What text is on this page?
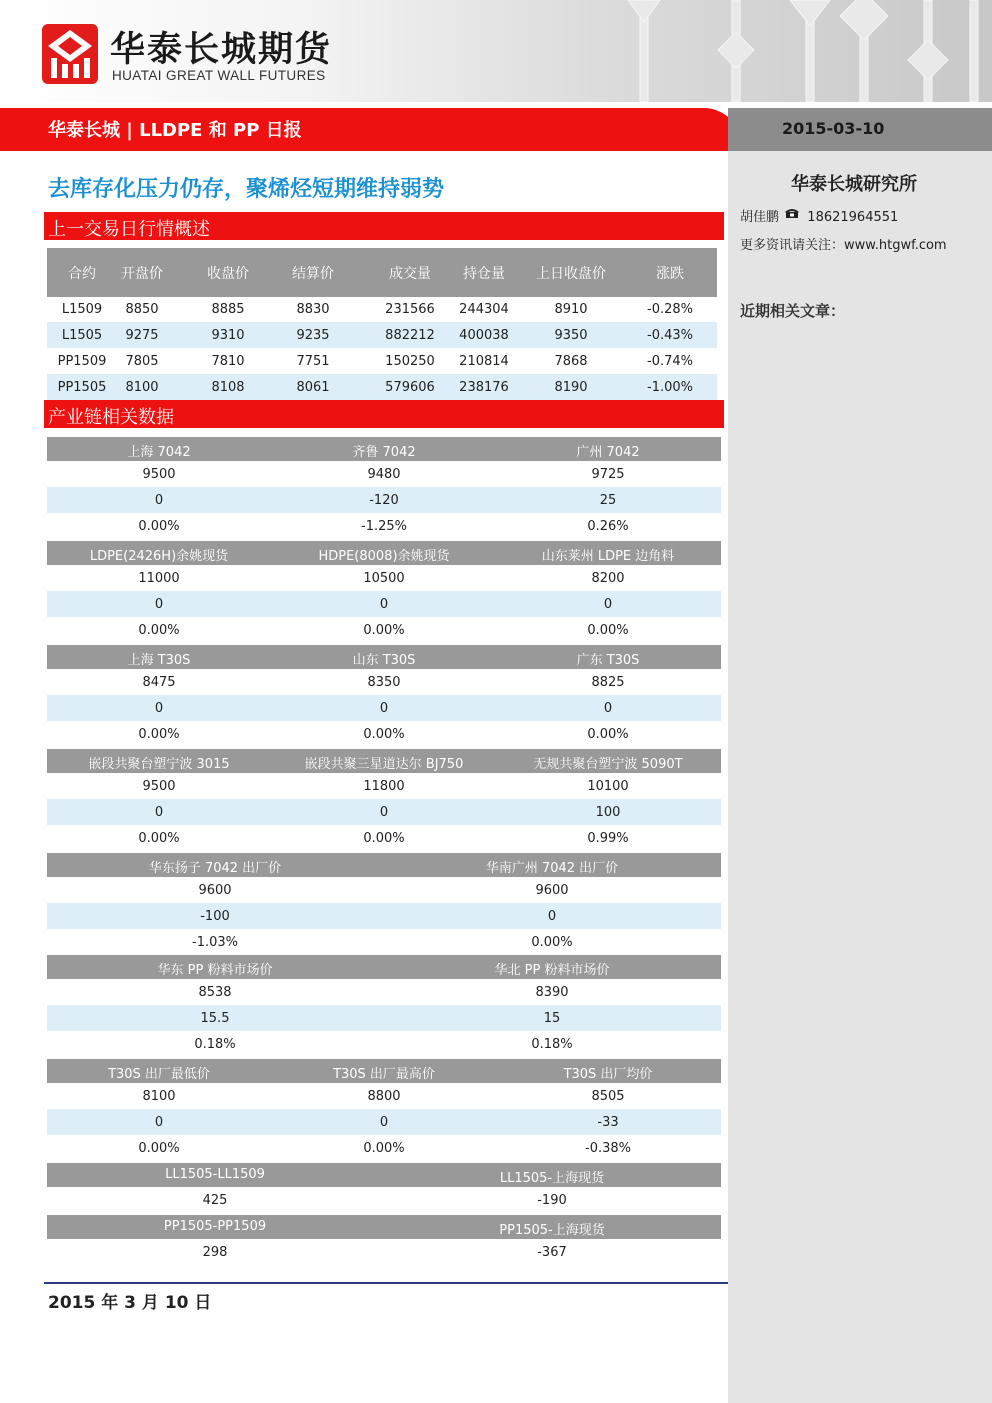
华泰长城期货
HUATAI GREAT WALL FUTURES
华泰长城 | LLDPE 和 PP 日报	2015-03-10
华泰长城研究所
胡佳鹏 18621964551
更多资讯请关注：www.htgwf.com
近期相关文章：
去库存化压力仍存，聚烯烃短期维持弱势
上一交易日行情概述
合约	开盘价	收盘价	结算价	成交量	持仓量	上日收盘价	涨跌
L1509	8850	8885	8830	231566	244304	8910	-0.28%
L1505	9275	9310	9235	882212	400038	9350	-0.43%
PP1509	7805	7810	7751	150250	210814	7868	-0.74%
PP1505	8100	8108	8061	579606	238176	8190	-1.00%
产业链相关数据
上海 7042	齐鲁 7042	广州 7042
9500	9480	9725
0	-120	25
0.00%	-1.25%	0.26%
LDPE(2426H)余姚现货	HDPE(8008)余姚现货	山东莱州 LDPE 边角料
11000	10500	8200
0	0	0
0.00%	0.00%	0.00%
上海 T30S	山东 T30S	广东 T30S
8475	8350	8825
0	0	0
0.00%	0.00%	0.00%
嵌段共聚台塑宁波 3015	嵌段共聚三星道达尔 BJ750	无规共聚台塑宁波 5090T
9500	11800	10100
0	0	100
0.00%	0.00%	0.99%
华东扬子 7042 出厂价	华南广州 7042 出厂价
9600	9600
-100	0
-1.03%	0.00%
华东 PP 粉料市场价	华北 PP 粉料市场价
8538	8390
15.5	15
0.18%	0.18%
T30S 出厂最低价	T30S 出厂最高价	T30S 出厂均价
8100	8800	8505
0	0	-33
0.00%	0.00%	-0.38%
LL1505-LL1509	LL1505-上海现货
425	-190
PP1505-PP1509	PP1505-上海现货
298	-367
2015 年 3 月 10 日
